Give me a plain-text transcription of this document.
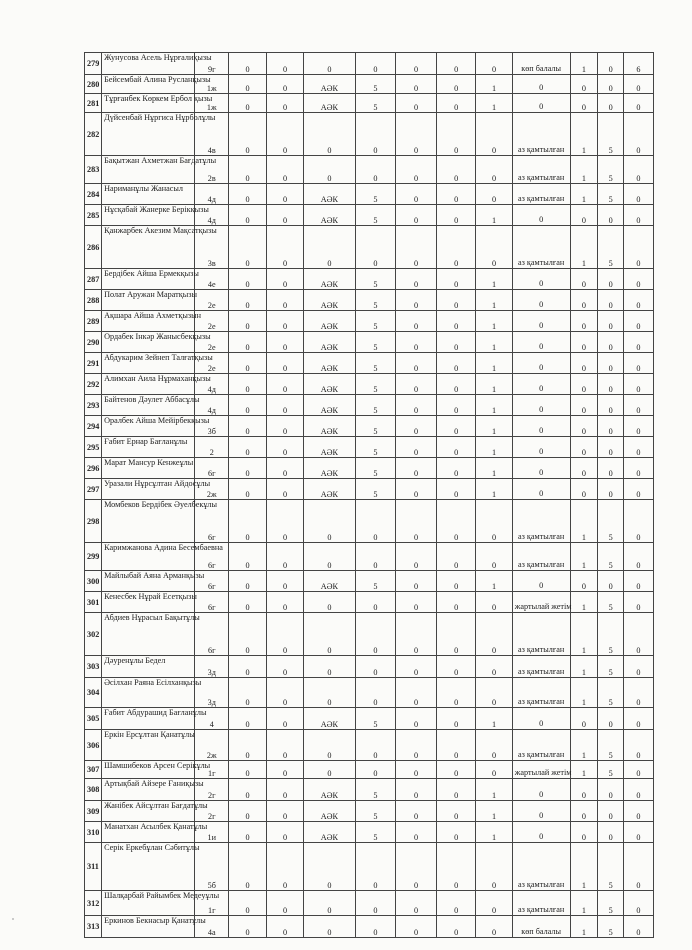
279	Жунусова Асель Нұрғалиқызы	9г	0	0	0	0	0	0	0	көп балалы	1	0	6
280	Бейсембай Алина Русланқызы	1ж	0	0	АӘК	5	0	0	1	0	0	0	0
281	Тұрғанбек Көркем Ербол қызы	1ж	0	0	АӘК	5	0	0	1	0	0	0	0
282	Дүйсенбай Нұргиса Нұрболұлы	4в	0	0	0	0	0	0	0	аз қамтылған	1	5	0
283	Бақытжан Ахметжан Бағдатұлы	2в	0	0	0	0	0	0	0	аз қамтылған	1	5	0
284	Нариманұлы Жанасыл	4д	0	0	АӘК	5	0	0	0	аз қамтылған	1	5	0
285	Нұсқабай Жанерке Берікқызы	4д	0	0	АӘК	5	0	0	1	0	0	0	0
286	Қанжарбек Акезим Мақсатқызы	3в	0	0	0	0	0	0	0	аз қамтылған	1	5	0
287	Бердібек Айша Ермекқызы	4е	0	0	АӘК	5	0	0	1	0	0	0	0
288	Полат Аружан Маратқызы	2е	0	0	АӘК	5	0	0	1	0	0	0	0
289	Ақшара Айша Ахметқызын	2е	0	0	АӘК	5	0	0	1	0	0	0	0
290	Ордабек Інкәр Жанысбекқызы	2е	0	0	АӘК	5	0	0	1	0	0	0	0
291	Абдукарим Зейнеп Талғатқызы	2е	0	0	АӘК	5	0	0	1	0	0	0	0
292	Алимхан Аила Нұрмаханқызы	4д	0	0	АӘК	5	0	0	1	0	0	0	0
293	Байтенов Дәулет Аббасұлы	4д	0	0	АӘК	5	0	0	1	0	0	0	0
294	Оралбек Айша Мейірбекқызы	3б	0	0	АӘК	5	0	0	1	0	0	0	0
295	Ғабит Ернар Бағланұлы	2	0	0	АӘК	5	0	0	1	0	0	0	0
296	Марат Мансур Кенжеұлы	6г	0	0	АӘК	5	0	0	1	0	0	0	0
297	Уразали Нұрсұлтан Айдосұлы	2ж	0	0	АӘК	5	0	0	1	0	0	0	0
298	Момбеков Бердібек Әуелбекұлы	6г	0	0	0	0	0	0	0	аз қамтылған	1	5	0
299	Каримжанова Адина Бесембаевна	6г	0	0	0	0	0	0	0	аз қамтылған	1	5	0
300	Майлыбай Аяна Арманқызы	6г	0	0	АӘК	5	0	0	1	0	0	0	0
301	Кенесбек Нұрай Есетқызы	6г	0	0	0	0	0	0	0	жартылай жетім	1	5	0
302	Абдиев Нұрасыл Бақытұлы	6г	0	0	0	0	0	0	0	аз қамтылған	1	5	0
303	Дәуренұлы Бедел	3д	0	0	0	0	0	0	0	аз қамтылған	1	5	0
304	Әсілхан Раяна Есілханқызы	3д	0	0	0	0	0	0	0	аз қамтылған	1	5	0
305	Ғабит Абдурашид Бағланұлы	4	0	0	АӘК	5	0	0	1	0	0	0	0
306	Еркін Ерсұлтан Қанатұлы	2ж	0	0	0	0	0	0	0	аз қамтылған	1	5	0
307	Шамшибеков Арсен Серікұлы	1г	0	0	0	0	0	0	0	жартылай жетім	1	5	0
308	Артықбай Айзере Ғаниқызы	2г	0	0	АӘК	5	0	0	1	0	0	0	0
309	Жанібек Айсұлтан Бағдатұлы	2г	0	0	АӘК	5	0	0	1	0	0	0	0
310	Манатхан Асылбек Қанатұлы	1и	0	0	АӘК	5	0	0	1	0	0	0	0
311	Серік Еркебұлан Сәбитұлы	5б	0	0	0	0	0	0	0	аз қамтылған	1	5	0
312	Шалқарбай Райымбек Медеуұлы	1г	0	0	0	0	0	0	0	аз қамтылған	1	5	0
313	Еркинов Бекнасыр Қанатұлы	4а	0	0	0	0	0	0	0	көп балалы	1	5	0
